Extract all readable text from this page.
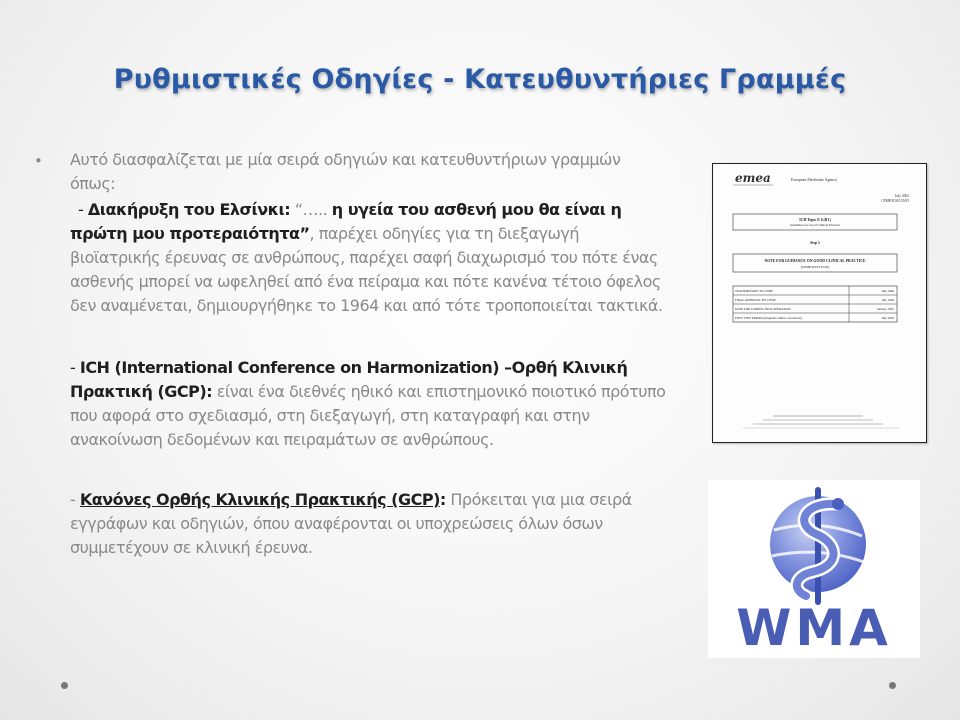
Ρυθμιστικές Οδηγίες - Κατευθυντήριες Γραμμές
• Αυτό διασφαλίζεται με μία σειρά οδηγιών και κατευθυντήριων γραμμών όπως:

- Διακήρυξη του Ελσίνκι: “….. η υγεία του ασθενή μου θα είναι η πρώτη μου προτεραιότητα”, παρέχει οδηγίες για τη διεξαγωγή βιοϊατρικής έρευνας σε ανθρώπους, παρέχει σαφή διαχωρισμό του πότε ένας ασθενής μπορεί να ωφεληθεί από ένα πείραμα και πότε κανένα τέτοιο όφελος δεν αναμένεται, δημιουργήθηκε το 1964 και από τότε τροποποιείται τακτικά.

- ICH (International Conference on Harmonization) –Ορθή Κλινική Πρακτική (GCP): είναι ένα διεθνές ηθικό και επιστημονικό ποιοτικό πρότυπο που αφορά στο σχεδιασμό, στη διεξαγωγή, στη καταγραφή και στην ανακοίνωση δεδομένων και πειραμάτων σε ανθρώπους.

- Κανόνες Ορθής Κλινικής Πρακτικής (GCP): Πρόκειται για μια σειρά εγγράφων και οδηγιών, όπου αναφέρονται οι υποχρεώσεις όλων όσων συμμετέχουν σε κλινική έρευνα.

emea	European Medicines Agency
July 2002
CPMP/ICH/135/95
ICH Topic E 6 (R1)
Guideline for Good Clinical Practice
Step 5
NOTE FOR GUIDANCE ON GOOD CLINICAL PRACTICE
(CPMP/ICH/135/95)
TRANSMISSION TO CPMP	July 1996
FINAL APPROVAL BY CPMP	July 1996
DATE FOR COMING INTO OPERATION	January 1997
POST STEP ERRATA (linguistic minor corrections)	July 2002
WMA
